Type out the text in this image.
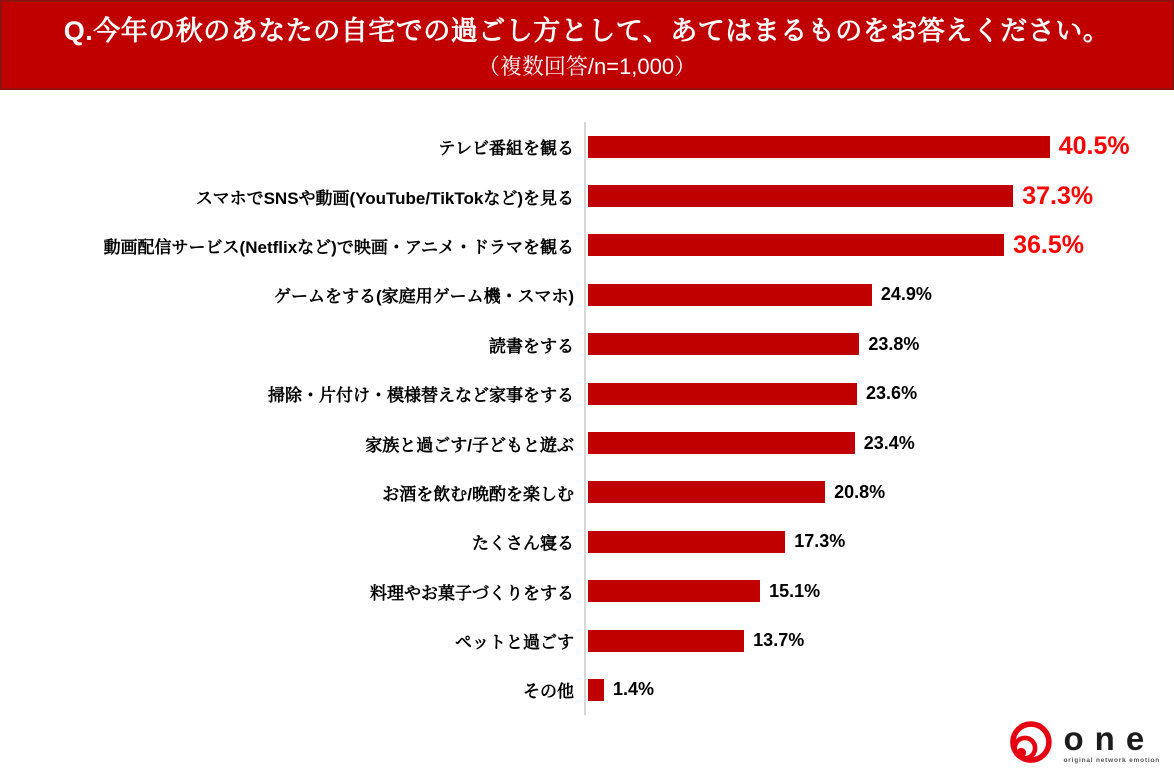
Q.今年の秋のあなたの自宅での過ごし方として、あてはまるものをお答えください。
（複数回答/n=1,000）
テレビ番組を観る	40.5%
スマホでSNSや動画(YouTube/TikTokなど)を見る	37.3%
動画配信サービス(Netflixなど)で映画・アニメ・ドラマを観る	36.5%
ゲームをする(家庭用ゲーム機・スマホ)	24.9%
読書をする	23.8%
掃除・片付け・模様替えなど家事をする	23.6%
家族と過ごす/子どもと遊ぶ	23.4%
お酒を飲む/晩酌を楽しむ	20.8%
たくさん寝る	17.3%
料理やお菓子づくりをする	15.1%
ペットと過ごす	13.7%
その他	1.4%
one
original network emotion
